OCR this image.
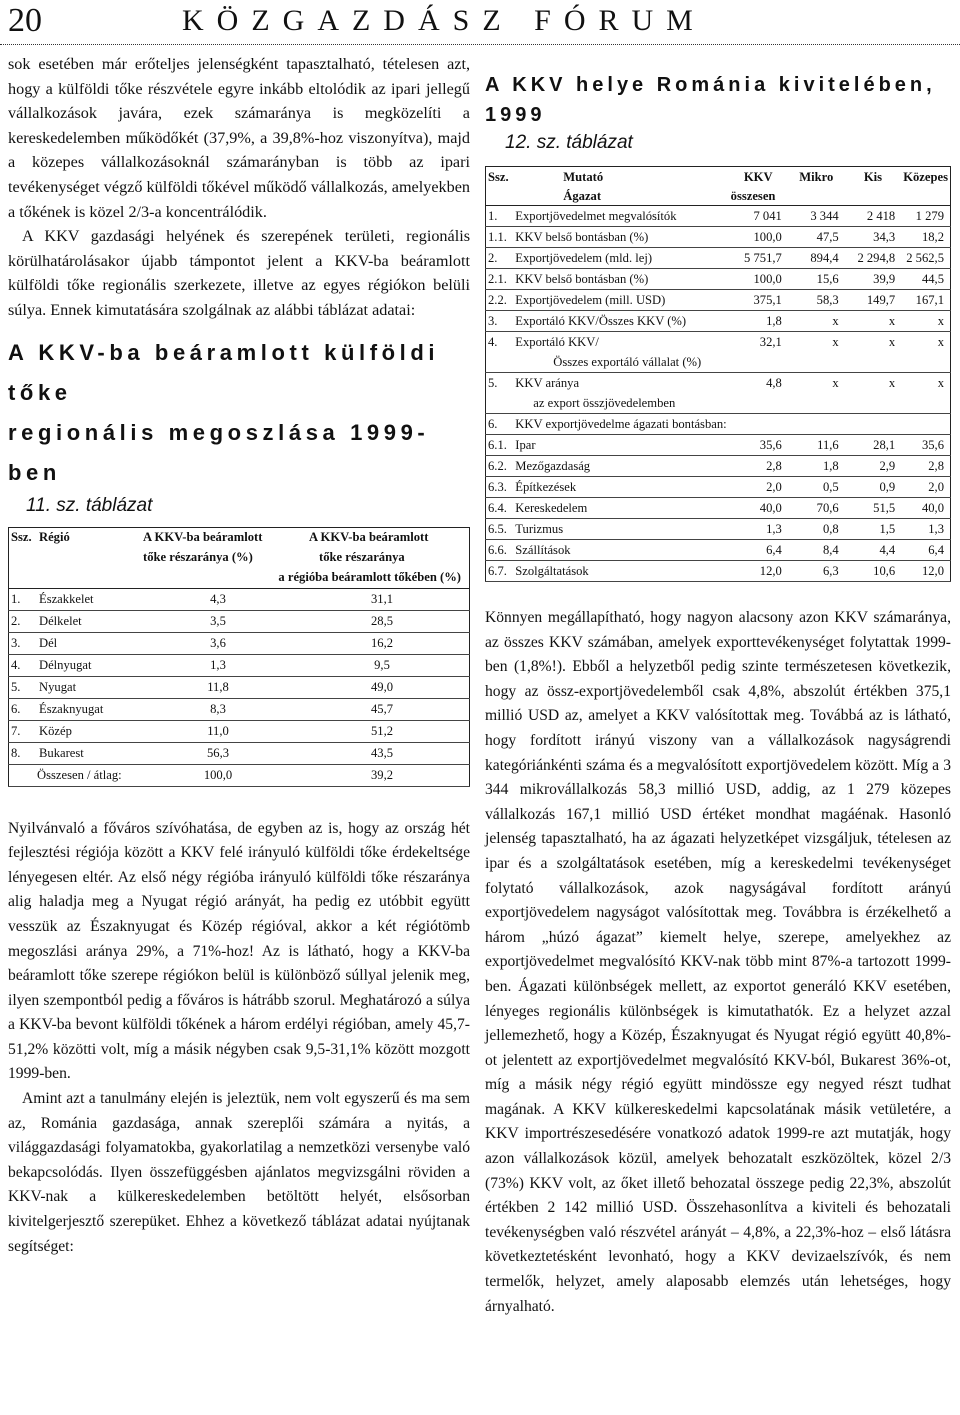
20	KÖZGAZDÁSZ FÓRUM

sok esetében már erőteljes jelenségként tapasztalható, tételesen azt, hogy a külföldi tőke részvétele egyre inkább eltolódik az ipari jellegű vállalkozások javára, ezek számaránya is megközelíti a kereskedelemben működőkét (37,9%, a 39,8%-hoz viszonyítva), majd a közepes vállalkozásoknál számarányban is több az ipari tevékenységet végző külföldi tőkével működő vállalkozás, amelyekben a tőkének is közel 2/3-a koncentrálódik.

A KKV gazdasági helyének és szerepének területi, regionális körülhatárolásakor újabb támpontot jelent a KKV-ba beáramlott külföldi tőke regionális szerkezete, illetve az egyes régiókon belüli súlya. Ennek kimutatására szolgálnak az alábbi táblázat adatai:

A KKV-ba beáramlott külföldi tőke
regionális megoszlása 1999-ben
11. sz. táblázat
Ssz.	Régió	A KKV-ba beáramlott	A KKV-ba beáramlott
		tőke részaránya (%)	tőke részaránya
		a régióba beáramlott tőkében (%)	
1.	Északkelet	4,3	31,1
2.	Délkelet	3,5	28,5
3.	Dél	3,6	16,2
4.	Délnyugat	1,3	9,5
5.	Nyugat	11,8	49,0
6.	Északnyugat	8,3	45,7
7.	Közép	11,0	51,2
8.	Bukarest	56,3	43,5
	Összesen / átlag:	100,0	39,2

Nyilvánvaló a főváros szívóhatása, de egyben az is, hogy az ország hét fejlesztési régiója között a KKV felé irányuló külföldi tőke érdekeltsége lényegesen eltér. Az első négy régióba irányuló külföldi tőke részaránya alig haladja meg a Nyugat régió arányát, ha pedig ez utóbbit együtt vesszük az Északnyugat és Közép régióval, akkor a két régiótömb megoszlási aránya 29%, a 71%-hoz! Az is látható, hogy a KKV-ba beáramlott tőke szerepe régiókon belül is különböző súllyal jelenik meg, ilyen szempontból pedig a főváros is hátrább szorul. Meghatározó a súlya a KKV-ba bevont külföldi tőkének a három erdélyi régióban, amely 45,7-51,2% közötti volt, míg a másik négyben csak 9,5-31,1% között mozgott 1999-ben.

Amint azt a tanulmány elején is jeleztük, nem volt egyszerű és ma sem az, Románia gazdasága, annak szereplői számára a nyitás, a világgazdasági folyamatokba, gyakorlatilag a nemzetközi versenybe való bekapcsolódás. Ilyen összefüggésben ajánlatos megvizsgálni röviden a KKV-nak a külkereskedelemben betöltött helyét, elsősorban kivitelgerjesztő szerepüket. Ehhez a következő táblázat adatai nyújtanak segítséget:

A KKV helye Románia kivitelében, 1999
12. sz. táblázat
Ssz.	Mutató	KKV	Mikro	Kis	Közepes
	Ágazat	összesen			
1.	Exportjövedelmet megvalósítók	7 041	3 344	2 418	1 279
1.1.	KKV belső bontásban (%)	100,0	47,5	34,3	18,2
2.	Exportjövedelem (mld. lej)	5 751,7	894,4	2 294,8	2 562,5
2.1.	KKV belső bontásban (%)	100,0	15,6	39,9	44,5
2.2.	Exportjövedelem (mill. USD)	375,1	58,3	149,7	167,1
3.	Exportáló KKV/Összes KKV (%)	1,8	x	x	x
4.	Exportáló KKV/	32,1	x	x	x
	Összes exportáló vállalat (%)				
5.	KKV aránya	4,8	x	x	x
	az export összjövedelemben				
6.	KKV exportjövedelme ágazati bontásban:				
6.1.	Ipar	35,6	11,6	28,1	35,6
6.2.	Mezőgazdaság	2,8	1,8	2,9	2,8
6.3.	Építkezések	2,0	0,5	0,9	2,0
6.4.	Kereskedelem	40,0	70,6	51,5	40,0
6.5.	Turizmus	1,3	0,8	1,5	1,3
6.6.	Szállítások	6,4	8,4	4,4	6,4
6.7.	Szolgáltatások	12,0	6,3	10,6	12,0

Könnyen megállapítható, hogy nagyon alacsony azon KKV számaránya, az összes KKV számában, amelyek exporttevékenységet folytattak 1999-ben (1,8%!). Ebből a helyzetből pedig szinte természetesen következik, hogy az össz-exportjövedelemből csak 4,8%, abszolút értékben 375,1 millió USD az, amelyet a KKV valósítottak meg. Továbbá az is látható, hogy fordított irányú viszony van a vállalkozások nagyságrendi kategóriánkénti száma és a megvalósított exportjövedelem között. Míg a 3 344 mikrovállalkozás 58,3 millió USD, addig, az 1 279 közepes vállalkozás 167,1 millió USD értéket mondhat magáénak. Hasonló jelenség tapasztalható, ha az ágazati helyzetképet vizsgáljuk, tételesen az ipar és a szolgáltatások esetében, míg a kereskedelmi tevékenységet folytató vállalkozások, azok nagyságával fordított arányú exportjövedelem nagyságot valósítottak meg. Továbbra is érzékelhető a három „húzó ágazat” kiemelt helye, szerepe, amelyekhez az exportjövedelmet megvalósító KKV-nak több mint 87%-a tartozott 1999-ben. Ágazati különbségek mellett, az exportot generáló KKV esetében, lényeges regionális különbségek is kimutathatók. Ez a helyzet azzal jellemezhető, hogy a Közép, Északnyugat és Nyugat régió együtt 40,8%-ot jelentett az exportjövedelmet megvalósító KKV-ból, Bukarest 36%-ot, míg a másik négy régió együtt mindössze egy negyed részt tudhat magának. A KKV külkereskedelmi kapcsolatának másik vetületére, a KKV importrészesedésére vonatkozó adatok 1999-re azt mutatják, hogy azon vállalkozások közül, amelyek behozatalt eszközöltek, közel 2/3 (73%) KKV volt, az őket illető behozatal összege pedig 22,3%, abszolút értékben 2 142 millió USD. Összehasonlítva a kiviteli és behozatali tevékenységben való részvétel arányát – 4,8%, a 22,3%-hoz – első látásra következtetésként levonható, hogy a KKV devizaelszívók, és nem termelők, helyzet, amely alaposabb elemzés után lehetséges, hogy árnyalható.
